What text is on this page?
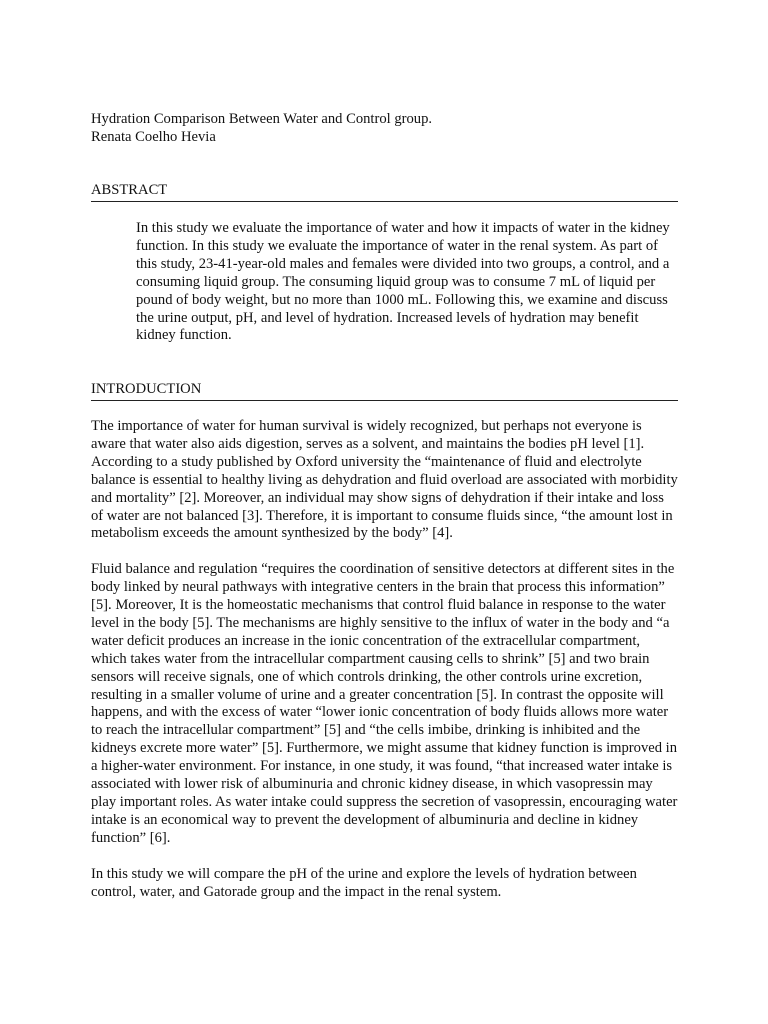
Hydration Comparison Between Water and Control group.
Renata Coelho Hevia
ABSTRACT

In this study we evaluate the importance of water and how it impacts of water in the kidney function. In this study we evaluate the importance of water in the renal system. As part of this study, 23-41-year-old males and females were divided into two groups, a control, and a consuming liquid group. The consuming liquid group was to consume 7 mL of liquid per pound of body weight, but no more than 1000 mL. Following this, we examine and discuss the urine output, pH, and level of hydration. Increased levels of hydration may benefit kidney function.

INTRODUCTION

The importance of water for human survival is widely recognized, but perhaps not everyone is aware that water also aids digestion, serves as a solvent, and maintains the bodies pH level [1]. According to a study published by Oxford university the “maintenance of fluid and electrolyte balance is essential to healthy living as dehydration and fluid overload are associated with morbidity and mortality” [2]. Moreover, an individual may show signs of dehydration if their intake and loss of water are not balanced [3]. Therefore, it is important to consume fluids since, “the amount lost in metabolism exceeds the amount synthesized by the body” [4].

Fluid balance and regulation “requires the coordination of sensitive detectors at different sites in the body linked by neural pathways with integrative centers in the brain that process this information” [5]. Moreover, It is the homeostatic mechanisms that control fluid balance in response to the water level in the body [5]. The mechanisms are highly sensitive to the influx of water in the body and “a water deficit produces an increase in the ionic concentration of the extracellular compartment, which takes water from the intracellular compartment causing cells to shrink” [5] and two brain sensors will receive signals, one of which controls drinking, the other controls urine excretion, resulting in a smaller volume of urine and a greater concentration [5]. In contrast the opposite will happens, and with the excess of water “lower ionic concentration of body fluids allows more water to reach the intracellular compartment” [5] and “the cells imbibe, drinking is inhibited and the kidneys excrete more water” [5]. Furthermore, we might assume that kidney function is improved in a higher-water environment. For instance, in one study, it was found, “that increased water intake is associated with lower risk of albuminuria and chronic kidney disease, in which vasopressin may play important roles. As water intake could suppress the secretion of vasopressin, encouraging water intake is an economical way to prevent the development of albuminuria and decline in kidney function” [6].

In this study we will compare the pH of the urine and explore the levels of hydration between control, water, and Gatorade group and the impact in the renal system.
